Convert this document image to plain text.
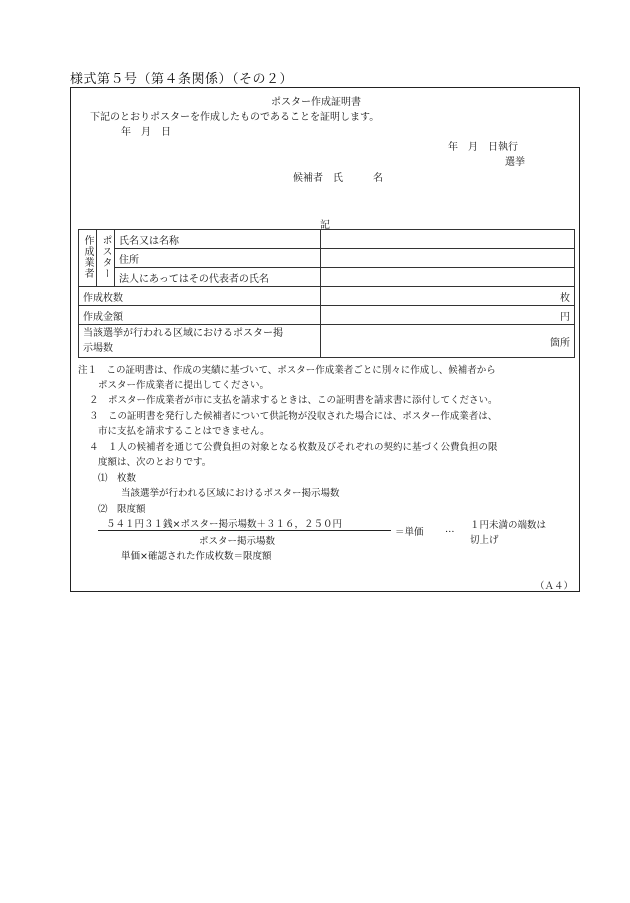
様式第５号（第４条関係）（その２）
ポスター作成証明書
下記のとおりポスターを作成したものであることを証明します。
年　月　日
年　月　日執行
選挙
候補者　氏　　　名
記
作成業者	ポスター	氏名又は名称	
		住所	
		法人にあってはその代表者の氏名	
作成枚数			枚
作成金額			円
当該選挙が行われる区域におけるポスター掲
示場数			箇所
注１　この証明書は、作成の実績に基づいて、ポスター作成業者ごとに別々に作成し、候補者から
ポスター作成業者に提出してください。
２　ポスター作成業者が市に支払を請求するときは、この証明書を請求書に添付してください。
３　この証明書を発行した候補者について供託物が没収された場合には、ポスター作成業者は、
市に支払を請求することはできません。
４　１人の候補者を通じて公費負担の対象となる枚数及びそれぞれの契約に基づく公費負担の限
度額は、次のとおりです。
⑴　枚数
当該選挙が行われる区域におけるポスター掲示場数
⑵　限度額
５４１円３１銭×ポスター掲示場数＋３１６，２５０円
ポスター掲示場数
＝単価 … １円未満の端数は
切上げ
単価×確認された作成枚数＝限度額
（Ａ４）
